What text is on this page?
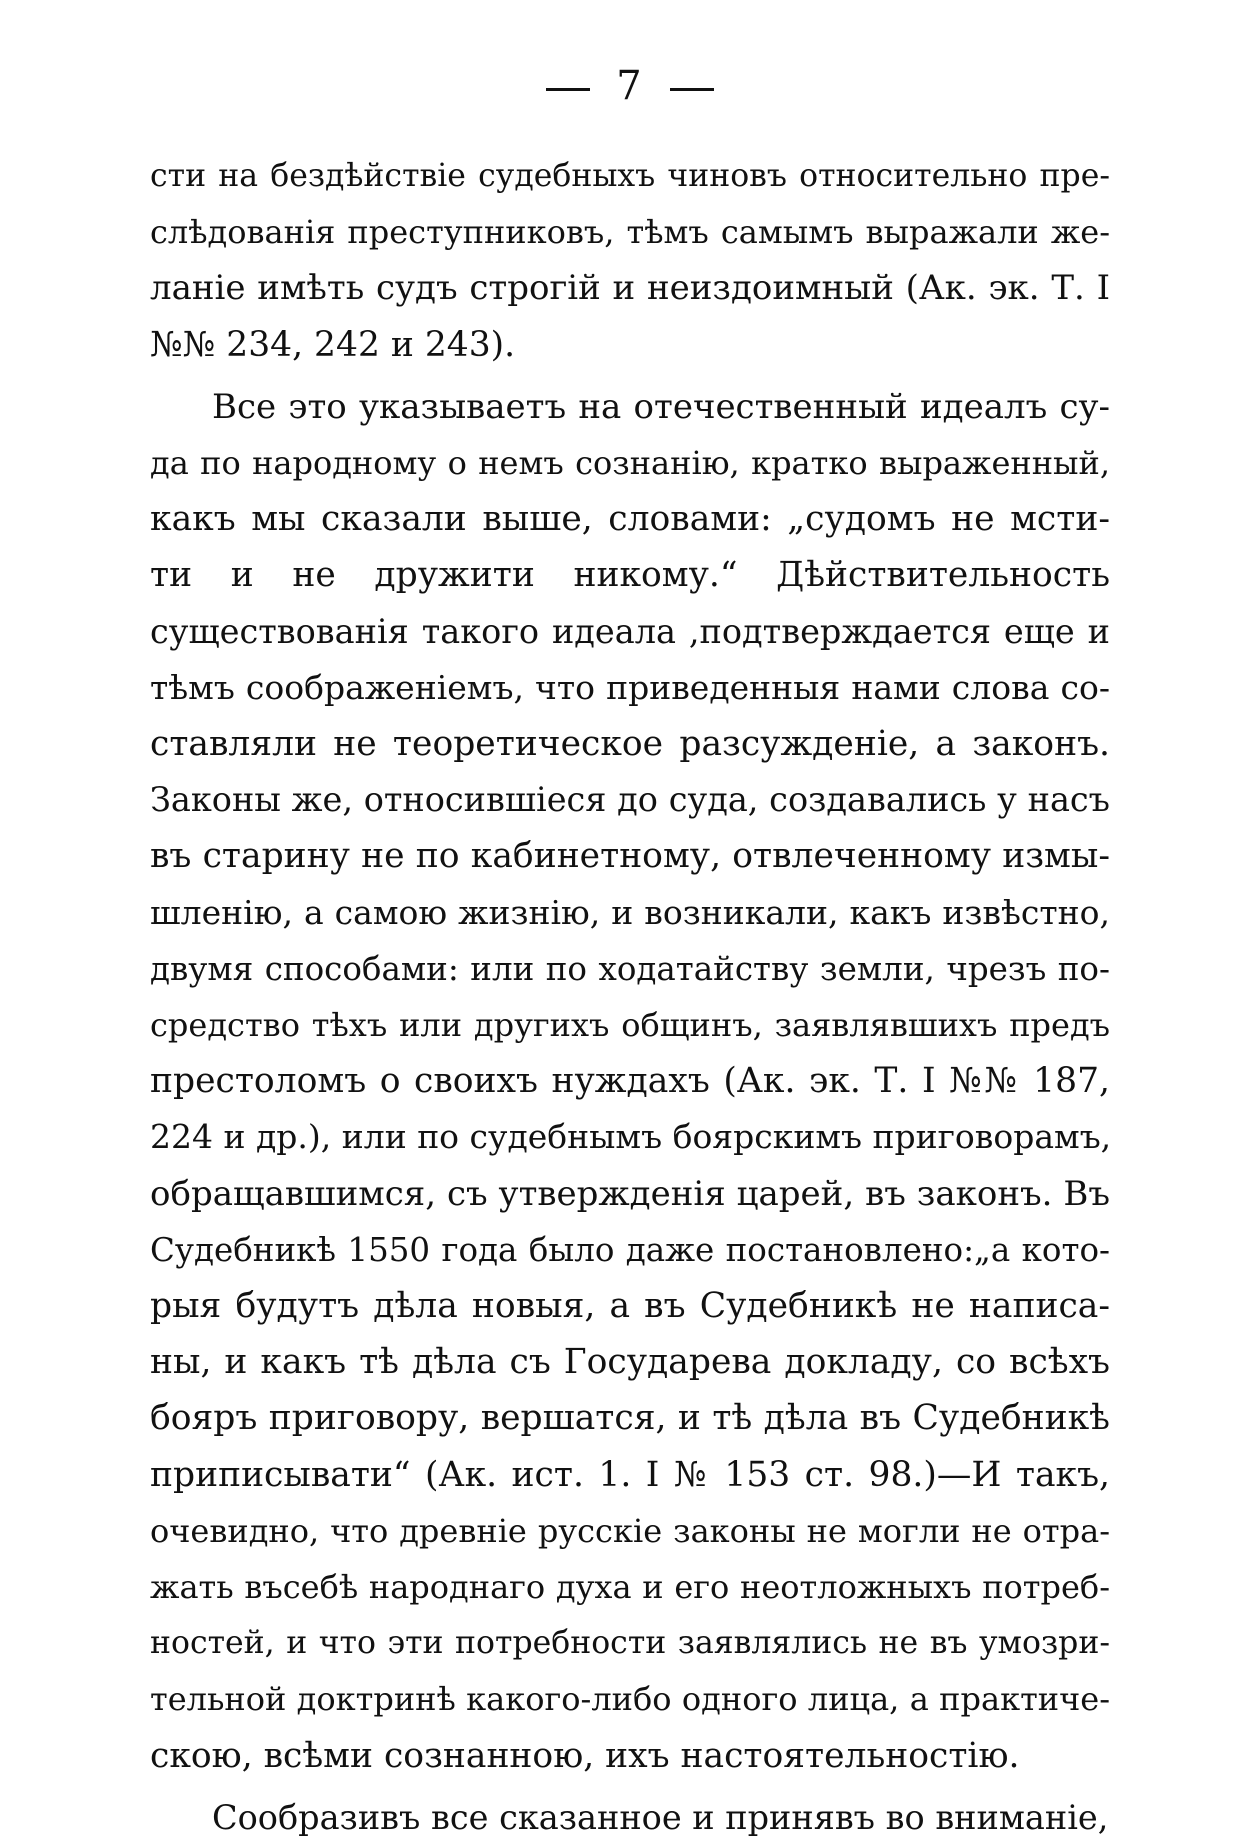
7
сти на бездѣйствіе судебныхъ чиновъ относительно пре-
слѣдованія преступниковъ, тѣмъ самымъ выражали же-
ланіе имѣть судъ строгій и неиздоимный (Ак. эк. Т. I
№№ 234, 242 и 243).
Все это указываетъ на отечественный идеалъ су-
да по народному о немъ сознанію, кратко выраженный,
какъ мы сказали выше, словами: „судомъ не мсти-
ти и не дружити никому.“ Дѣйствительность
существованія такого идеала ,подтверждается еще и
тѣмъ соображеніемъ, что приведенныя нами слова со-
ставляли не теоретическое разсужденіе, а законъ.
Законы же, относившіеся до суда, создавались у насъ
въ старину не по кабинетному, отвлеченному измы-
шленію, а самою жизнію, и возникали, какъ извѣстно,
двумя способами: или по ходатайству земли, чрезъ по-
средство тѣхъ или другихъ общинъ, заявлявшихъ предъ
престоломъ о своихъ нуждахъ (Ак. эк. Т. I №№ 187,
224 и др.), или по судебнымъ боярскимъ приговорамъ,
обращавшимся, съ утвержденія царей, въ законъ. Въ
Судебникѣ 1550 года было даже постановлено:„а кото-
рыя будутъ дѣла новыя, а въ Судебникѣ не написа-
ны, и какъ тѣ дѣла съ Государева докладу, со всѣхъ
бояръ приговору, вершатся, и тѣ дѣла въ Судебникѣ
приписывати“ (Ак. ист. 1. I № 153 ст. 98.)—И такъ,
очевидно, что древніе русскіе законы не могли не отра-
жать въсебѣ народнаго духа и его неотложныхъ потреб-
ностей, и что эти потребности заявлялись не въ умозри-
тельной доктринѣ какого-либо одного лица, а практиче-
скою, всѣми сознанною, ихъ настоятельностію.
Сообразивъ все сказанное и принявъ во вниманіе,
